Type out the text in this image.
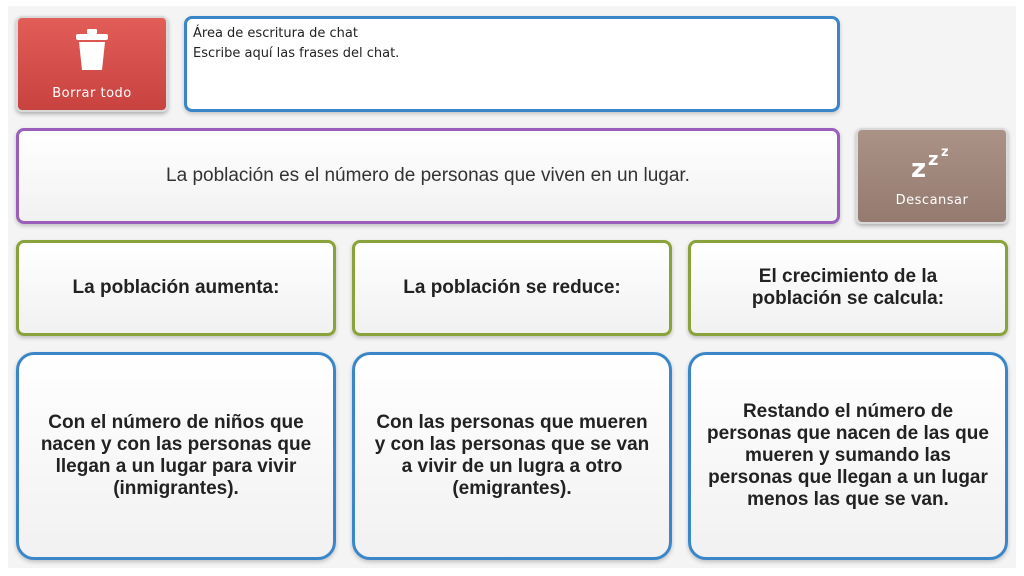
Borrar todo
Área de escritura de chat
Escribe aquí las frases del chat.
La población es el número de personas que viven en un lugar.	z z z
Descansar
La población aumenta:	La población se reduce:
El crecimiento de la población se calcula:
Con el número de niños que nacen y con las personas que llegan a un lugar para vivir (inmigrantes).
Con las personas que mueren y con las personas que se van a vivir de un lugra a otro (emigrantes).
Restando el número de personas que nacen de las que mueren y sumando las personas que llegan a un lugar menos las que se van.
